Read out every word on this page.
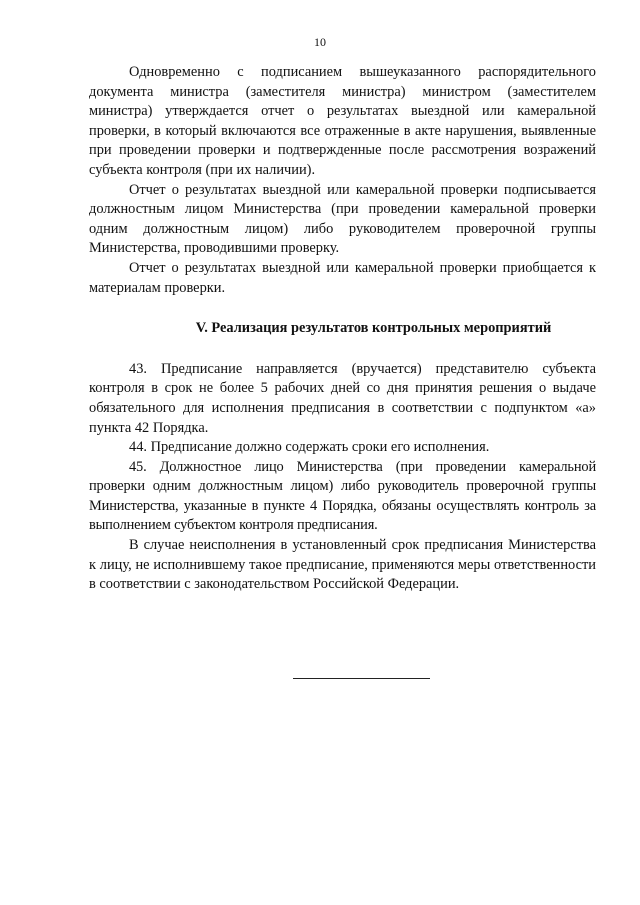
10

Одновременно с подписанием вышеуказанного распорядительного документа министра (заместителя министра) министром (заместителем министра) утверждается отчет о результатах выездной или камеральной проверки, в который включаются все отраженные в акте нарушения, выявленные при проведении проверки и подтвержденные после рассмотрения возражений субъекта контроля (при их наличии).

Отчет о результатах выездной или камеральной проверки подписывается должностным лицом Министерства (при проведении камеральной проверки одним должностным лицом) либо руководителем проверочной группы Министерства, проводившими проверку.

Отчет о результатах выездной или камеральной проверки приобщается к материалам проверки.

V. Реализация результатов контрольных мероприятий

43. Предписание направляется (вручается) представителю субъекта контроля в срок не более 5 рабочих дней со дня принятия решения о выдаче обязательного для исполнения предписания в соответствии с подпунктом «а» пункта 42 Порядка.

44. Предписание должно содержать сроки его исполнения.

45. Должностное лицо Министерства (при проведении камеральной проверки одним должностным лицом) либо руководитель проверочной группы Министерства, указанные в пункте 4 Порядка, обязаны осуществлять контроль за выполнением субъектом контроля предписания.

В случае неисполнения в установленный срок предписания Министерства к лицу, не исполнившему такое предписание, применяются меры ответственности в соответствии с законодательством Российской Федерации.
